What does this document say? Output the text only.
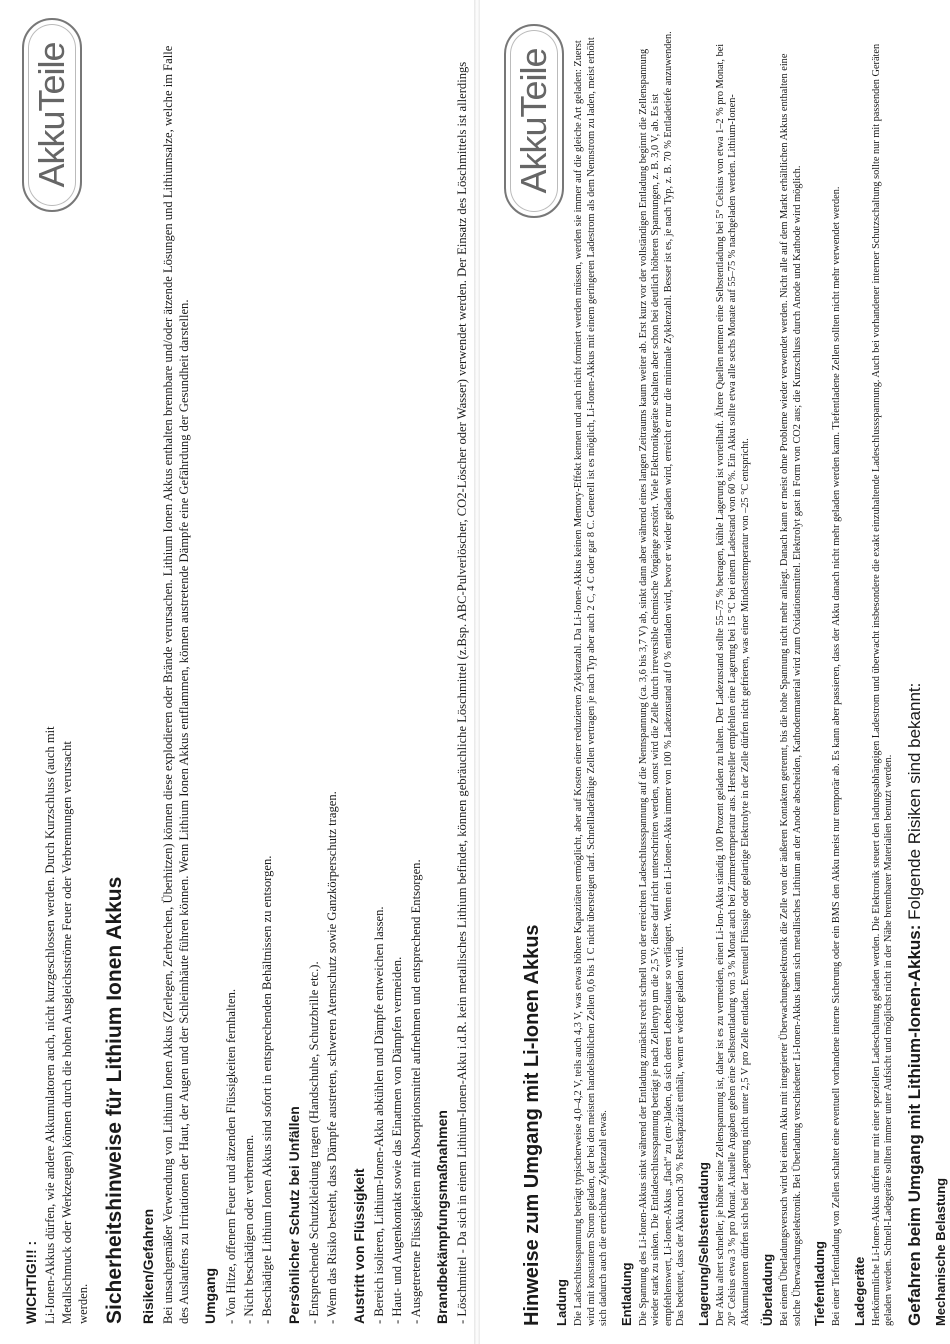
AkkuTeile
WICHTIG!!! : Li-Ionen-Akkus dürfen, wie andere Akkumulatoren auch, nicht kurzgeschlossen werden. Durch Kurzschluss (auch mit Metallschmuck oder Werkzeugen) können durch die hohen Ausgleichsströme Feuer oder Verbrennungen verursacht werden. Sicherheitshinweise für Lithium Ionen Akkus Risiken/Gefahren Bei unsachgemäßer Verwendung von Lithium Ionen Akkus (Zerlegen, Zerbrechen, Überhitzen) können diese explodieren oder Brände verursachen. Lithium Ionen Akkus enthalten brennbare und/oder ätzende Lösungen und Lithiumsalze, welche im Falle des Auslaufens zu Irritationen der Haut, der Augen und der Schleimhäute führen können. Wenn Lithium Ionen Akkus entflammen, können austretende Dämpfe eine Gefährdung der Gesundheit darstellen. Umgang - Von Hitze, offenem Feuer und ätzenden Flüssigkeiten fernhalten. - Nicht beschädigen oder verbrennen. - Beschädigte Lithium Ionen Akkus sind sofort in entsprechenden Behältnissen zu entsorgen. Persönlicher Schutz bei Unfällen - Entsprechende Schutzkleidung tragen (Handschuhe, Schutzbrille etc.). - Wenn das Risiko besteht, dass Dämpfe austreten, schweren Atemschutz sowie Ganzkörperschutz tragen. Austritt von Flüssigkeit - Bereich isolieren, Lithium-Ionen-Akku abkühlen und Dämpfe entweichen lassen. - Haut- und Augenkontakt sowie das Einatmen von Dämpfen vermeiden. - Ausgetretene Flüssigkeiten mit Absorptionsmittel aufnehmen und entsprechend Entsorgen. Brandbekämpfungsmaßnahmen - Löschmittel - Da sich in einem Lithium-Ionen-Akku i.d.R. kein metallisches Lithium befindet, können gebräuchliche Löschmittel (z.Bsp. ABC-Pulverlöscher, CO2-Löscher oder Wasser) verwendet werden. Der Einsatz des Löschmittels ist allerdings	AkkuTeile
Hinweise zum Umgang mit Li-Ionen Akkus Ladung Die Ladeschlussspannung beträgt typischerweise 4,0–4,2 V, teils auch 4,3 V, was etwas höhere Kapazitäten ermöglicht, aber auf Kosten einer reduzierten Zyklenzahl. Da Li-Ionen-Akkus keinen Memory-Effekt kennen und auch nicht formiert werden müssen, werden sie immer auf die gleiche Art geladen: Zuerst wird mit konstantem Strom geladen, der bei den meisten handelsüblichen Zellen 0,6 bis 1 C nicht übersteigen darf. Schnellladefähige Zellen vertragen je nach Typ aber auch 2 C, 4 C oder gar 8 C. Generell ist es möglich, Li-Ionen-Akkus mit einem geringeren Ladestrom als dem Nennstrom zu laden, meist erhöht sich dadurch auch die erreichbare Zyklenzahl etwas. Entladung Die Spannung des Li-Ionen-Akkus sinkt während der Entladung zunächst recht schnell von der erreichten Ladeschlussspannung auf die Nennspannung (ca. 3,6 bis 3,7 V) ab, sinkt dann aber während eines langen Zeitraums kaum weiter ab. Erst kurz vor der vollständigen Entladung beginnt die Zellenspannung wieder stark zu sinken. Die Entladeschlussspannung beträgt je nach Zellentyp um die 2,5 V; diese darf nicht unterschritten werden, sonst wird die Zelle durch irreversible chemische Vorgänge zerstört. Viele Elektronikgeräte schalten aber schon bei deutlich höheren Spannungen, z. B. 3,0 V, ab. Es ist empfehlenswert, Li-Ionen-Akkus „flach“ zu (ent-)laden, da sich deren Lebensdauer so verlängert. Wenn ein Li-Ionen-Akku immer von 100 % Ladezustand auf 0 % entladen wird, bevor er wieder geladen wird, erreicht er nur die minimale Zyklenzahl. Besser ist es, je nach Typ, z. B. 70 % Entladetiefe anzuwenden. Das bedeutet, dass der Akku noch 30 % Restkapazität enthält, wenn er wieder geladen wird. Lagerung/Selbstentladung Der Akku altert schneller, je höher seine Zellenspannung ist, daher ist es zu vermeiden, einen Li-Ion-Akku ständig 100 Prozent geladen zu halten. Der Ladezustand sollte 55–75 % betragen, kühle Lagerung ist vorteilhaft. Ältere Quellen nennen eine Selbstentladung bei 5° Celsius von etwa 1–2 % pro Monat, bei 20° Celsius etwa 3 % pro Monat. Aktuelle Angaben gehen eine Selbstentladung von 3 % Monat auch bei Zimmertemperatur aus. Hersteller empfehlen eine Lagerung bei 15 °C bei einem Ladestand von 60 %. Ein Akku sollte etwa alle sechs Monate auf 55–75 % nachgeladen werden. Lithium-Ionen-Akkumulatoren dürfen sich bei der Lagerung nicht unter 2,5 V pro Zelle entladen. Eventuell Flüssige oder gelartige Elektrolyte in der Zelle dürfen nicht gefrieren, was einer Mindesttemperatur von –25 °C entspricht. Überladung Bei einem Überladungsversuch wird bei einem Akku mit integrierter Überwachungselektronik die Zelle von der äußeren Kontakten getrennt, bis die hohe Spannung nicht mehr anliegt. Danach kann er meist ohne Probleme wieder verwendet werden. Nicht alle auf dem Markt erhältlichen Akkus enthalten eine solche Überwachungselektronik. Bei Überladung verschiedener Li-Ionen-Akkus kann sich metallisches Lithium an der Anode abscheiden, Kathodenmaterial wird zum Oxidationsmittel. Elektrolyt gast in Form von CO2 aus; die Kurzschluss durch Anode und Kathode wird möglich. Tiefentladung Bei einer Tiefentladung von Zellen schaltet eine eventuell vorhandene interne Sicherung oder ein BMS den Akku meist nur temporär ab. Es kann aber passieren, dass der Akku danach nicht mehr geladen werden kann. Tiefentladene Zellen sollten nicht mehr verwendet werden. Ladegeräte Herkömmliche Li-Ionen-Akkus dürfen nur mit einer speziellen Ladeschaltung geladen werden. Die Elektronik steuert den ladungsabhängigen Ladestrom und überwacht insbesondere die exakt einzuhaltende Ladeschlussspannung. Auch bei vorhandener interner Schutzschaltung sollte nur mit passenden Geräten geladen werden. Schnell-Ladegeräte sollten immer unter Aufsicht und möglichst nicht in der Nähe brennbarer Materialien benutzt werden. Gefahren beim Umgang mit Lithium-Ionen-Akkus: Folgende Risiken sind bekannt:
Mechanische Belastung
